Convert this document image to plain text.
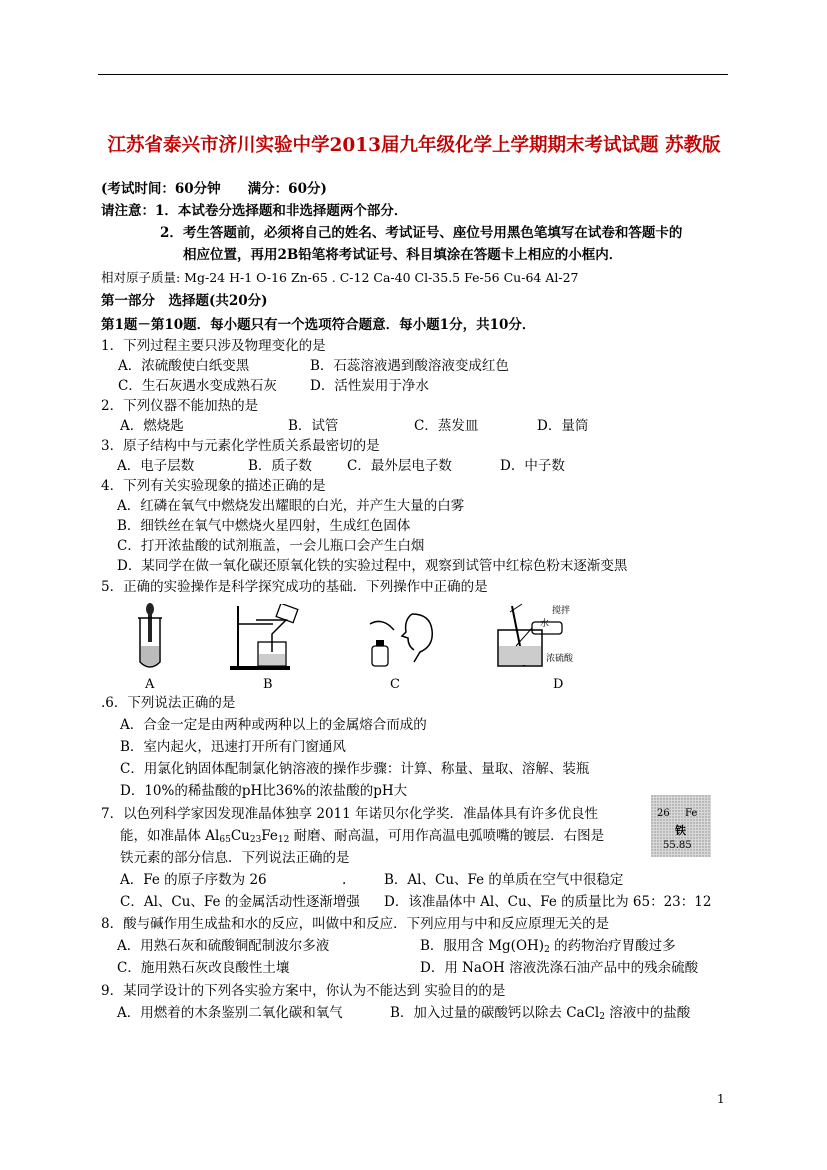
江苏省泰兴市济川实验中学2013届九年级化学上学期期末考试试题 苏教版
(考试时间：60分钟　　满分：60分)
请注意：1．本试卷分选择题和非选择题两个部分．
2．考生答题前，必须将自己的姓名、考试证号、座位号用黑色笔填写在试卷和答题卡的
相应位置，再用2B铅笔将考试证号、科目填涂在答题卡上相应的小框内．
相对原子质量: Mg-24 H-1 O-16 Zn-65 . C-12 Ca-40 Cl-35.5 Fe-56 Cu-64 Al-27
第一部分　选择题(共20分)
第1题－第10题．每小题只有一个选项符合题意．每小题1分，共10分．
1．下列过程主要只涉及物理变化的是
A．浓硫酸使白纸变黑	B．石蕊溶液遇到酸溶液变成红色
C．生石灰遇水变成熟石灰 D．活性炭用于净水
2．下列仪器不能加热的是
A．燃烧匙	B．试管	C．蒸发皿	D．量筒
3．原子结构中与元素化学性质关系最密切的是
A．电子层数	B．质子数	C．最外层电子数	D．中子数
4．下列有关实验现象的描述正确的是
A．红磷在氧气中燃烧发出耀眼的白光，并产生大量的白雾
B．细铁丝在氧气中燃烧火星四射，生成红色固体
C．打开浓盐酸的试剂瓶盖，一会儿瓶口会产生白烟
D．某同学在做一氧化碳还原氧化铁的实验过程中，观察到试管中红棕色粉末逐渐变黑
5．正确的实验操作是科学探究成功的基础．下列操作中正确的是
A	B	C
搅拌
水
浓硫酸
D
.6．下列说法正确的是
A．合金一定是由两种或两种以上的金属熔合而成的
B．室内起火，迅速打开所有门窗通风
C．用氯化钠固体配制氯化钠溶液的操作步骤：计算、称量、量取、溶解、装瓶
D．10%的稀盐酸的pH比36%的浓盐酸的pH大
7．以色列科学家因发现准晶体独享 2011 年诺贝尔化学奖．准晶体具有许多优良性
能，如准晶体 $Al_{65}Cu_{23}Fe_{12}$ 耐磨、耐高温，可用作高温电弧喷嘴的镀层．右图是
铁元素的部分信息．下列说法正确的是
A．Fe 的原子序数为 26	.	B．Al、Cu、Fe 的单质在空气中很稳定
C．Al、Cu、Fe 的金属活动性逐渐增强 D．该准晶体中 Al、Cu、Fe 的质量比为 65：23：12
26 Fe
铁
55.85
8．酸与碱作用生成盐和水的反应，叫做中和反应．下列应用与中和反应原理无关的是
A．用熟石灰和硫酸铜配制波尔多液	B．服用含 $Mg(OH)_2$ 的药物治疗胃酸过多
C．施用熟石灰改良酸性土壤	D．用 NaOH 溶液洗涤石油产品中的残余硫酸
9．某同学设计的下列各实验方案中，你认为不能达到 实验目的的是
A．用燃着的木条鉴别二氧化碳和氧气	B．加入过量的碳酸钙以除去 CaCl$_2$ 溶液中的盐酸
1
